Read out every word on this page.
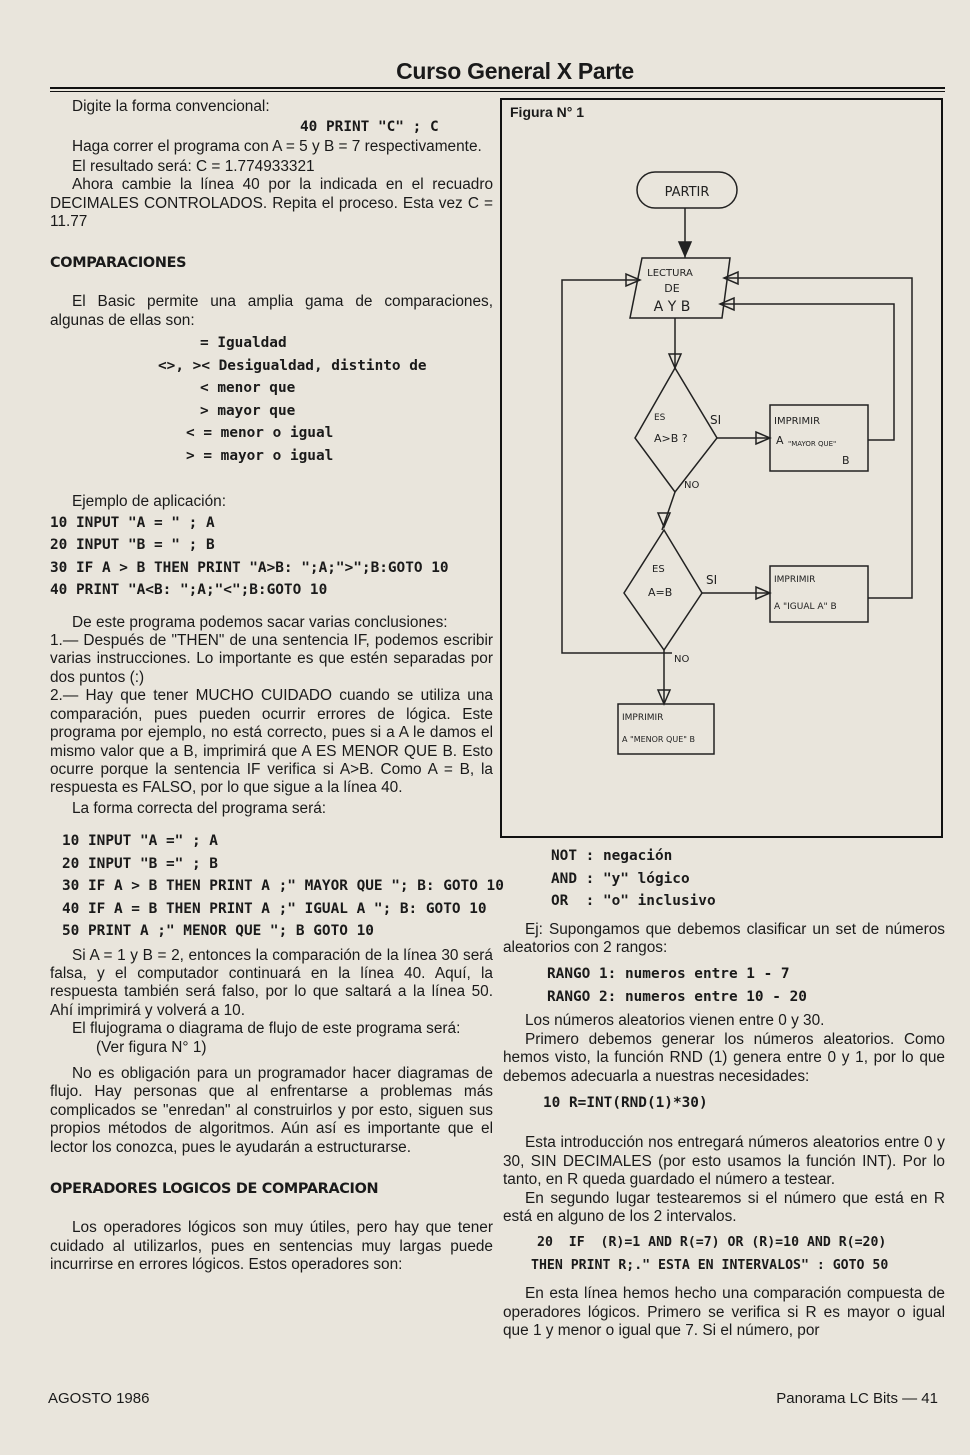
Curso General X Parte

Digite la forma convencional:

40 PRINT "C" ; C

Haga correr el programa con A = 5 y B = 7 respectivamente.

El resultado será: C = 1.774933321

Ahora cambie la línea 40 por la indicada en el recuadro DECIMALES CONTROLADOS. Repita el proceso. Esta vez C = 11.77

COMPARACIONES

El Basic permite una amplia gama de comparaciones, algunas de ellas son:

= Igualdad
<>, >< Desigualdad, distinto de
< menor que
> mayor que
< = menor o igual
> = mayor o igual

Ejemplo de aplicación:

10 INPUT "A = " ; A
20 INPUT "B = " ; B
30 IF A > B THEN PRINT "A>B: ";A;">";B:GOTO 10
40 PRINT "A<B: ";A;"<";B:GOTO 10

De este programa podemos sacar varias conclusiones:

1.— Después de "THEN" de una sentencia IF, podemos escribir varias instrucciones. Lo importante es que estén separadas por dos puntos (:)

2.— Hay que tener MUCHO CUIDADO cuando se utiliza una comparación, pues pueden ocurrir errores de lógica. Este programa por ejemplo, no está correcto, pues si a A le damos el mismo valor que a B, imprimirá que A ES MENOR QUE B. Esto ocurre porque la sentencia IF verifica si A>B. Como A = B, la respuesta es FALSO, por lo que sigue a la línea 40.

La forma correcta del programa será:

10 INPUT "A =" ; A
20 INPUT "B =" ; B
30 IF A > B THEN PRINT A ;" MAYOR QUE "; B: GOTO 10
40 IF A = B THEN PRINT A ;" IGUAL A "; B: GOTO 10
50 PRINT A ;" MENOR QUE "; B GOTO 10

Si A = 1 y B = 2, entonces la comparación de la línea 30 será falsa, y el computador continuará en la línea 40. Aquí, la respuesta también será falso, por lo que saltará a la línea 50. Ahí imprimirá y volverá a 10.

El flujograma o diagrama de flujo de este programa será:

(Ver figura N° 1)

No es obligación para un programador hacer diagramas de flujo. Hay personas que al enfrentarse a problemas más complicados se "enredan" al construirlos y por esto, siguen sus propios métodos de algoritmos. Aún así es importante que el lector los conozca, pues le ayudarán a estructurarse.

OPERADORES LOGICOS DE COMPARACION

Los operadores lógicos son muy útiles, pero hay que tener cuidado al utilizarlos, pues en sentencias muy largas puede incurrirse en errores lógicos. Estos operadores son:

Figura N° 1
PARTIR
LECTURA
DE
A Y B
ES
A>B ?
SI
NO
IMPRIMIR
A "MAYOR QUE"
B
ES
A=B
SI
NO
IMPRIMIR
A "IGUAL A" B
IMPRIMIR
A "MENOR QUE" B
NOT : negación
AND : "y" lógico
OR  : "o" inclusivo

Ej: Supongamos que debemos clasificar un set de números aleatorios con 2 rangos:

RANGO 1: numeros entre 1 - 7
RANGO 2: numeros entre 10 - 20

Los números aleatorios vienen entre 0 y 30.

Primero debemos generar los números aleatorios. Como hemos visto, la función RND (1) genera entre 0 y 1, por lo que debemos adecuarla a nuestras necesidades:

10 R=INT(RND(1)*30)

Esta introducción nos entregará números aleatorios entre 0 y 30, SIN DECIMALES (por esto usamos la función INT). Por lo tanto, en R queda guardado el número a testear.

En segundo lugar testearemos si el número que está en R está en alguno de los 2 intervalos.

20  IF  (R)=1 AND R(=7) OR (R)=10 AND R(=20)
THEN PRINT R;." ESTA EN INTERVALOS" : GOTO 50

En esta línea hemos hecho una comparación compuesta de operadores lógicos. Primero se verifica si R es mayor o igual que 1 y menor o igual que 7. Si el número, por

AGOSTO 1986	Panorama LC Bits — 41
